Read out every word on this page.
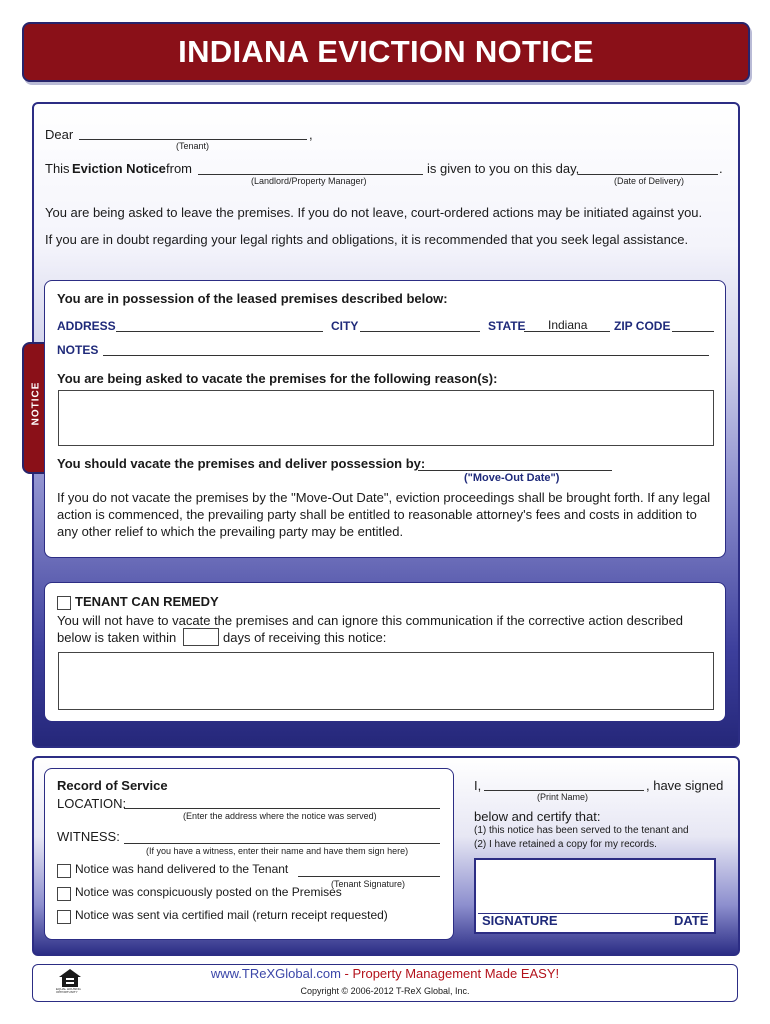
INDIANA EVICTION NOTICE
Dear	,
(Tenant)
This Eviction Notice from
(Landlord/Property Manager)
is given to you on this day,	.
(Date of Delivery)
You are being asked to leave the premises. If you do not leave, court-ordered actions may be initiated against you.
If you are in doubt regarding your legal rights and obligations, it is recommended that you seek legal assistance.
NOTICE
You are in possession of the leased premises described below:
ADDRESS	CITY	STATE Indiana ZIP CODE
NOTES
You are being asked to vacate the premises for the following reason(s):
You should vacate the premises and deliver possession by:
("Move-Out Date")
If you do not vacate the premises by the "Move-Out Date", eviction proceedings shall be brought forth. If any legal
action is commenced, the prevailing party shall be entitled to reasonable attorney's fees and costs in addition to
any other relief to which the prevailing party may be entitled.
TENANT CAN REMEDY
You will not have to vacate the premises and can ignore this communication if the corrective action described
below is taken within	days of receiving this notice:
Record of Service
LOCATION:
(Enter the address where the notice was served)
WITNESS:
(If you have a witness, enter their name and have them sign here)
Notice was hand delivered to the Tenant
(Tenant Signature)
Notice was conspicuously posted on the Premises
Notice was sent via certified mail (return receipt requested)
I,	, have signed
(Print Name)
below and certify that:
(1) this notice has been served to the tenant and
(2) I have retained a copy for my records.
SIGNATURE	DATE
EQUAL HOUSING OPPORTUNITY
www.TReXGlobal.com - Property Management Made EASY!
Copyright © 2006-2012 T-ReX Global, Inc.
